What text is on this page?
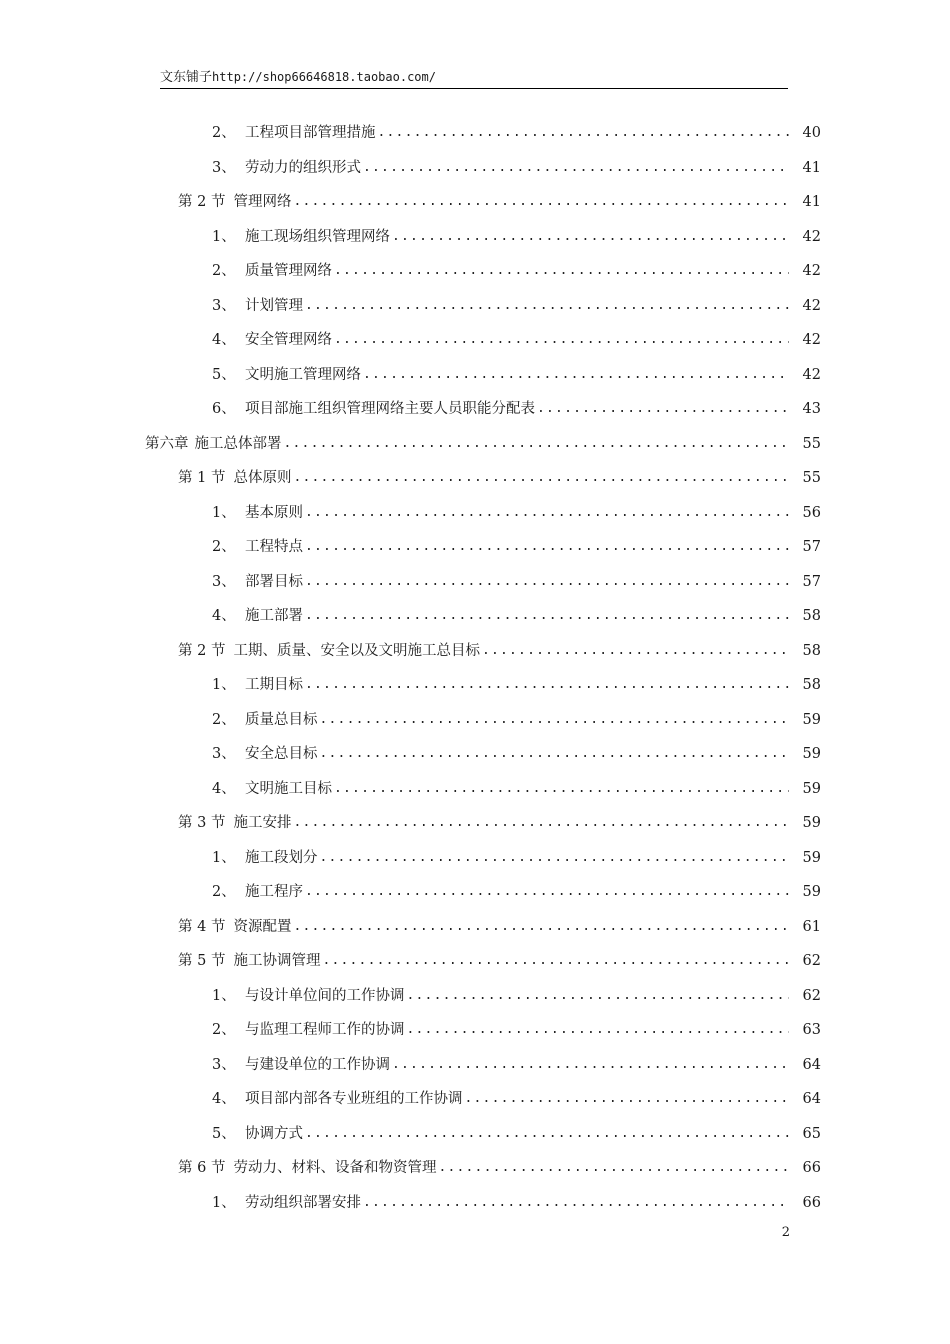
文东铺子http://shop66646818.taobao.com/
2、 工程项目部管理措施 .....	40
3、 劳动力的组织形式 .....	41
第 2 节 管理网络 .....	41
1、 施工现场组织管理网络 .....	42
2、 质量管理网络 .....	42
3、 计划管理 .....	42
4、 安全管理网络 .....	42
5、 文明施工管理网络 .....	42
6、 项目部施工组织管理网络主要人员职能分配表 .....	43
第六章 施工总体部署 .....	55
第 1 节 总体原则 .....	55
1、 基本原则 .....	56
2、 工程特点 .....	57
3、 部署目标 .....	57
4、 施工部署 .....	58
第 2 节 工期、质量、安全以及文明施工总目标 .....	58
1、 工期目标 .....	58
2、 质量总目标 .....	59
3、 安全总目标 .....	59
4、 文明施工目标 .....	59
第 3 节 施工安排 .....	59
1、 施工段划分 .....	59
2、 施工程序 .....	59
第 4 节 资源配置 .....	61
第 5 节 施工协调管理 .....	62
1、 与设计单位间的工作协调 .....	62
2、 与监理工程师工作的协调 .....	63
3、 与建设单位的工作协调 .....	64
4、 项目部内部各专业班组的工作协调 .....	64
5、 协调方式 .....	65
第 6 节 劳动力、材料、设备和物资管理 .....	66
1、 劳动组织部署安排 .....	66
2
